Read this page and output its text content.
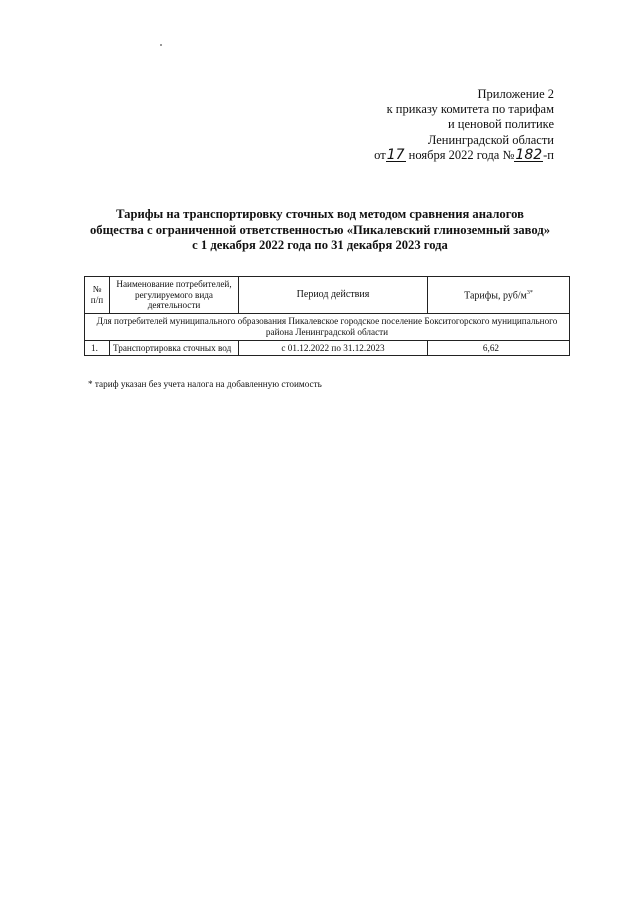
Приложение 2
к приказу комитета по тарифам
и ценовой политике
Ленинградской области
от17 ноября 2022 года №182-п
Тарифы на транспортировку сточных вод методом сравнения аналогов
общества с ограниченной ответственностью «Пикалевский глиноземный завод»
с 1 декабря 2022 года по 31 декабря 2023 года
№ п/п	Наименование потребителей, регулируемого вида деятельности	Период действия	Тарифы, руб/$м^{3*}$
Для потребителей муниципального образования Пикалевское городское поселение Бокситогорского муниципального района Ленинградской области			
1.	Транспортировка сточных вод	с 01.12.2022 по 31.12.2023	6,62
* тариф указан без учета налога на добавленную стоимость
